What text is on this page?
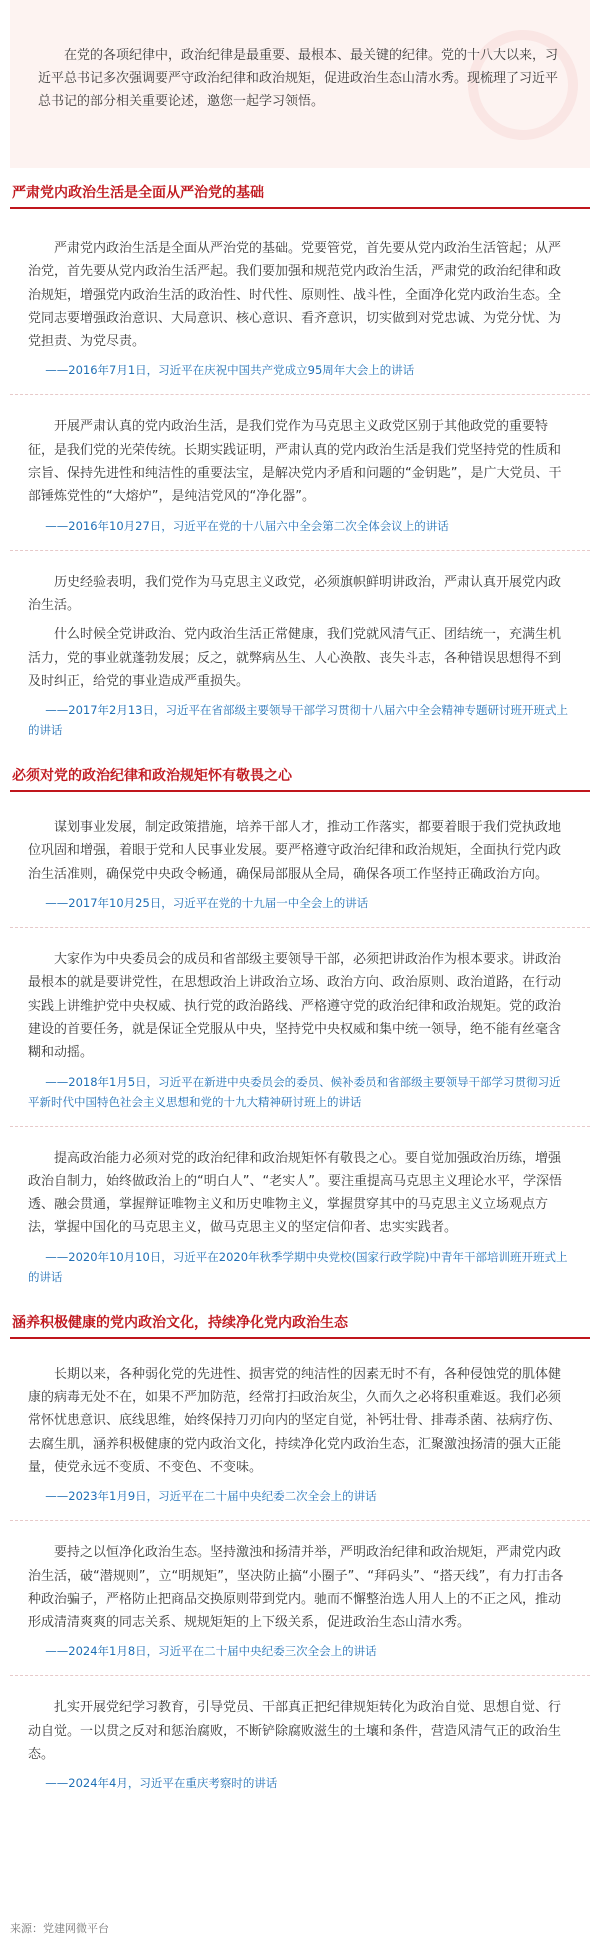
在党的各项纪律中，政治纪律是最重要、最根本、最关键的纪律。党的十八大以来，习近平总书记多次强调要严守政治纪律和政治规矩，促进政治生态山清水秀。现梳理了习近平总书记的部分相关重要论述，邀您一起学习领悟。

严肃党内政治生活是全面从严治党的基础

严肃党内政治生活是全面从严治党的基础。党要管党，首先要从党内政治生活管起；从严治党，首先要从党内政治生活严起。我们要加强和规范党内政治生活，严肃党的政治纪律和政治规矩，增强党内政治生活的政治性、时代性、原则性、战斗性，全面净化党内政治生态。全党同志要增强政治意识、大局意识、核心意识、看齐意识，切实做到对党忠诚、为党分忧、为党担责、为党尽责。

——2016年7月1日，习近平在庆祝中国共产党成立95周年大会上的讲话

开展严肃认真的党内政治生活，是我们党作为马克思主义政党区别于其他政党的重要特征，是我们党的光荣传统。长期实践证明，严肃认真的党内政治生活是我们党坚持党的性质和宗旨、保持先进性和纯洁性的重要法宝，是解决党内矛盾和问题的“金钥匙”，是广大党员、干部锤炼党性的“大熔炉”，是纯洁党风的“净化器”。

——2016年10月27日，习近平在党的十八届六中全会第二次全体会议上的讲话

历史经验表明，我们党作为马克思主义政党，必须旗帜鲜明讲政治，严肃认真开展党内政治生活。

什么时候全党讲政治、党内政治生活正常健康，我们党就风清气正、团结统一，充满生机活力，党的事业就蓬勃发展；反之，就弊病丛生、人心涣散、丧失斗志，各种错误思想得不到及时纠正，给党的事业造成严重损失。

——2017年2月13日，习近平在省部级主要领导干部学习贯彻十八届六中全会精神专题研讨班开班式上的讲话

必须对党的政治纪律和政治规矩怀有敬畏之心

谋划事业发展，制定政策措施，培养干部人才，推动工作落实，都要着眼于我们党执政地位巩固和增强，着眼于党和人民事业发展。要严格遵守政治纪律和政治规矩，全面执行党内政治生活准则，确保党中央政令畅通，确保局部服从全局，确保各项工作坚持正确政治方向。

——2017年10月25日，习近平在党的十九届一中全会上的讲话

大家作为中央委员会的成员和省部级主要领导干部，必须把讲政治作为根本要求。讲政治最根本的就是要讲党性，在思想政治上讲政治立场、政治方向、政治原则、政治道路，在行动实践上讲维护党中央权威、执行党的政治路线、严格遵守党的政治纪律和政治规矩。党的政治建设的首要任务，就是保证全党服从中央，坚持党中央权威和集中统一领导，绝不能有丝毫含糊和动摇。

——2018年1月5日，习近平在新进中央委员会的委员、候补委员和省部级主要领导干部学习贯彻习近平新时代中国特色社会主义思想和党的十九大精神研讨班上的讲话

提高政治能力必须对党的政治纪律和政治规矩怀有敬畏之心。要自觉加强政治历练，增强政治自制力，始终做政治上的“明白人”、“老实人”。要注重提高马克思主义理论水平，学深悟透、融会贯通，掌握辩证唯物主义和历史唯物主义，掌握贯穿其中的马克思主义立场观点方法，掌握中国化的马克思主义，做马克思主义的坚定信仰者、忠实实践者。

——2020年10月10日，习近平在2020年秋季学期中央党校(国家行政学院)中青年干部培训班开班式上的讲话

涵养积极健康的党内政治文化，持续净化党内政治生态

长期以来，各种弱化党的先进性、损害党的纯洁性的因素无时不有，各种侵蚀党的肌体健康的病毒无处不在，如果不严加防范，经常打扫政治灰尘，久而久之必将积重难返。我们必须常怀忧患意识、底线思维，始终保持刀刃向内的坚定自觉，补钙壮骨、排毒杀菌、祛病疗伤、去腐生肌，涵养积极健康的党内政治文化，持续净化党内政治生态，汇聚激浊扬清的强大正能量，使党永远不变质、不变色、不变味。

——2023年1月9日，习近平在二十届中央纪委二次全会上的讲话

要持之以恒净化政治生态。坚持激浊和扬清并举，严明政治纪律和政治规矩，严肃党内政治生活，破“潜规则”，立“明规矩”，坚决防止搞“小圈子”、“拜码头”、“搭天线”，有力打击各种政治骗子，严格防止把商品交换原则带到党内。驰而不懈整治选人用人上的不正之风，推动形成清清爽爽的同志关系、规规矩矩的上下级关系，促进政治生态山清水秀。

——2024年1月8日，习近平在二十届中央纪委三次全会上的讲话

扎实开展党纪学习教育，引导党员、干部真正把纪律规矩转化为政治自觉、思想自觉、行动自觉。一以贯之反对和惩治腐败，不断铲除腐败滋生的土壤和条件，营造风清气正的政治生态。

——2024年4月，习近平在重庆考察时的讲话

来源：党建网微平台
